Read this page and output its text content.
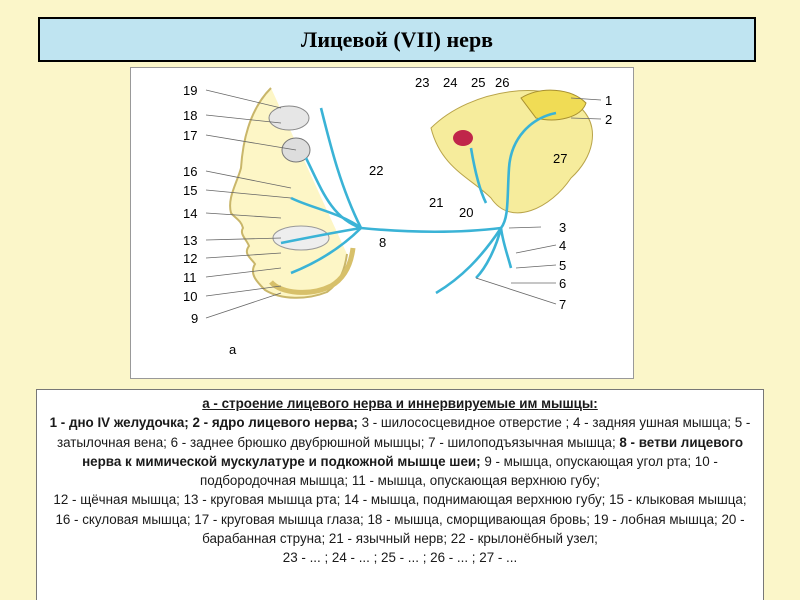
Лицевой (VII) нерв
19
18
17
16
15
14
13
12
11
10
9
1
2
27
3
4
5
6
7
23 24 25 26
22
21
20
8
а
а - строение лицевого нерва и иннервируемые им мышцы:
1 - дно IV желудочка; 2 - ядро лицевого нерва; 3 - шилососцевидное отверстие ; 4 - задняя ушная мышца; 5 - затылочная вена; 6 - заднее брюшко двубрюшной мышцы; 7 - шилоподъязычная мышца; 8 - ветви лицевого нерва к мимической мускулатуре и подкожной мышце шеи; 9 - мышца, опускающая угол рта; 10 - подбородочная мышца; 11 - мышца, опускающая верхнюю губу;
12 - щёчная мышца; 13 - круговая мышца рта; 14 - мышца, поднимающая верхнюю губу; 15 - клыковая мышца; 16 - скуловая мышца; 17 - круговая мышца глаза; 18 - мышца, сморщивающая бровь; 19 - лобная мышца; 20 - барабанная струна; 21 - язычный нерв; 22 - крылонёбный узел;
23 - ... ; 24 - ... ; 25 - ... ; 26 - ... ; 27 - ...
